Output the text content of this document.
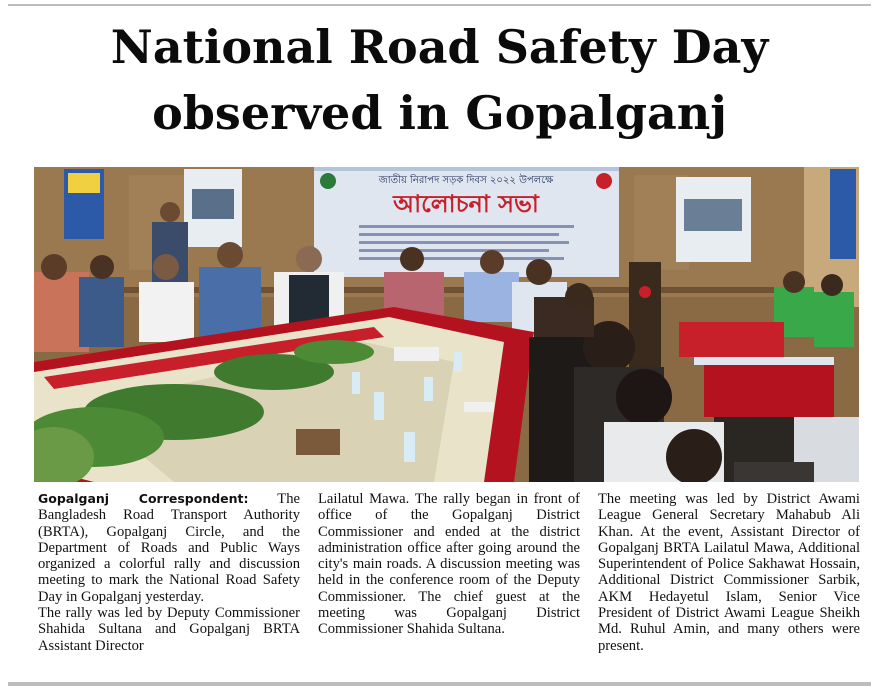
National Road Safety Day
observed in Gopalganj
জাতীয় নিরাপদ সড়ক দিবস ২০২২ উপলক্ষে
আলোচনা সভা

Gopalganj Correspondent: The Bangladesh Road Transport Authority (BRTA), Gopalganj Circle, and the Department of Roads and Public Ways organized a colorful rally and discussion meeting to mark the National Road Safety Day in Gopalganj yesterday.

The rally was led by Deputy Commissioner Shahida Sultana and Gopalganj BRTA Assistant Director

Lailatul Mawa. The rally began in front of office of the Gopalganj District Commissioner and ended at the district administration office after going around the city's main roads. A discussion meeting was held in the conference room of the Deputy Commissioner. The chief guest at the meeting was Gopalganj District Commissioner Shahida Sultana.

The meeting was led by District Awami League General Secretary Mahabub Ali Khan. At the event, Assistant Director of Gopalganj BRTA Lailatul Mawa, Additional Superintendent of Police Sakhawat Hossain, Additional District Commissioner Sarbik, AKM Hedayetul Islam, Senior Vice President of District Awami League Sheikh Md. Ruhul Amin, and many others were present.
